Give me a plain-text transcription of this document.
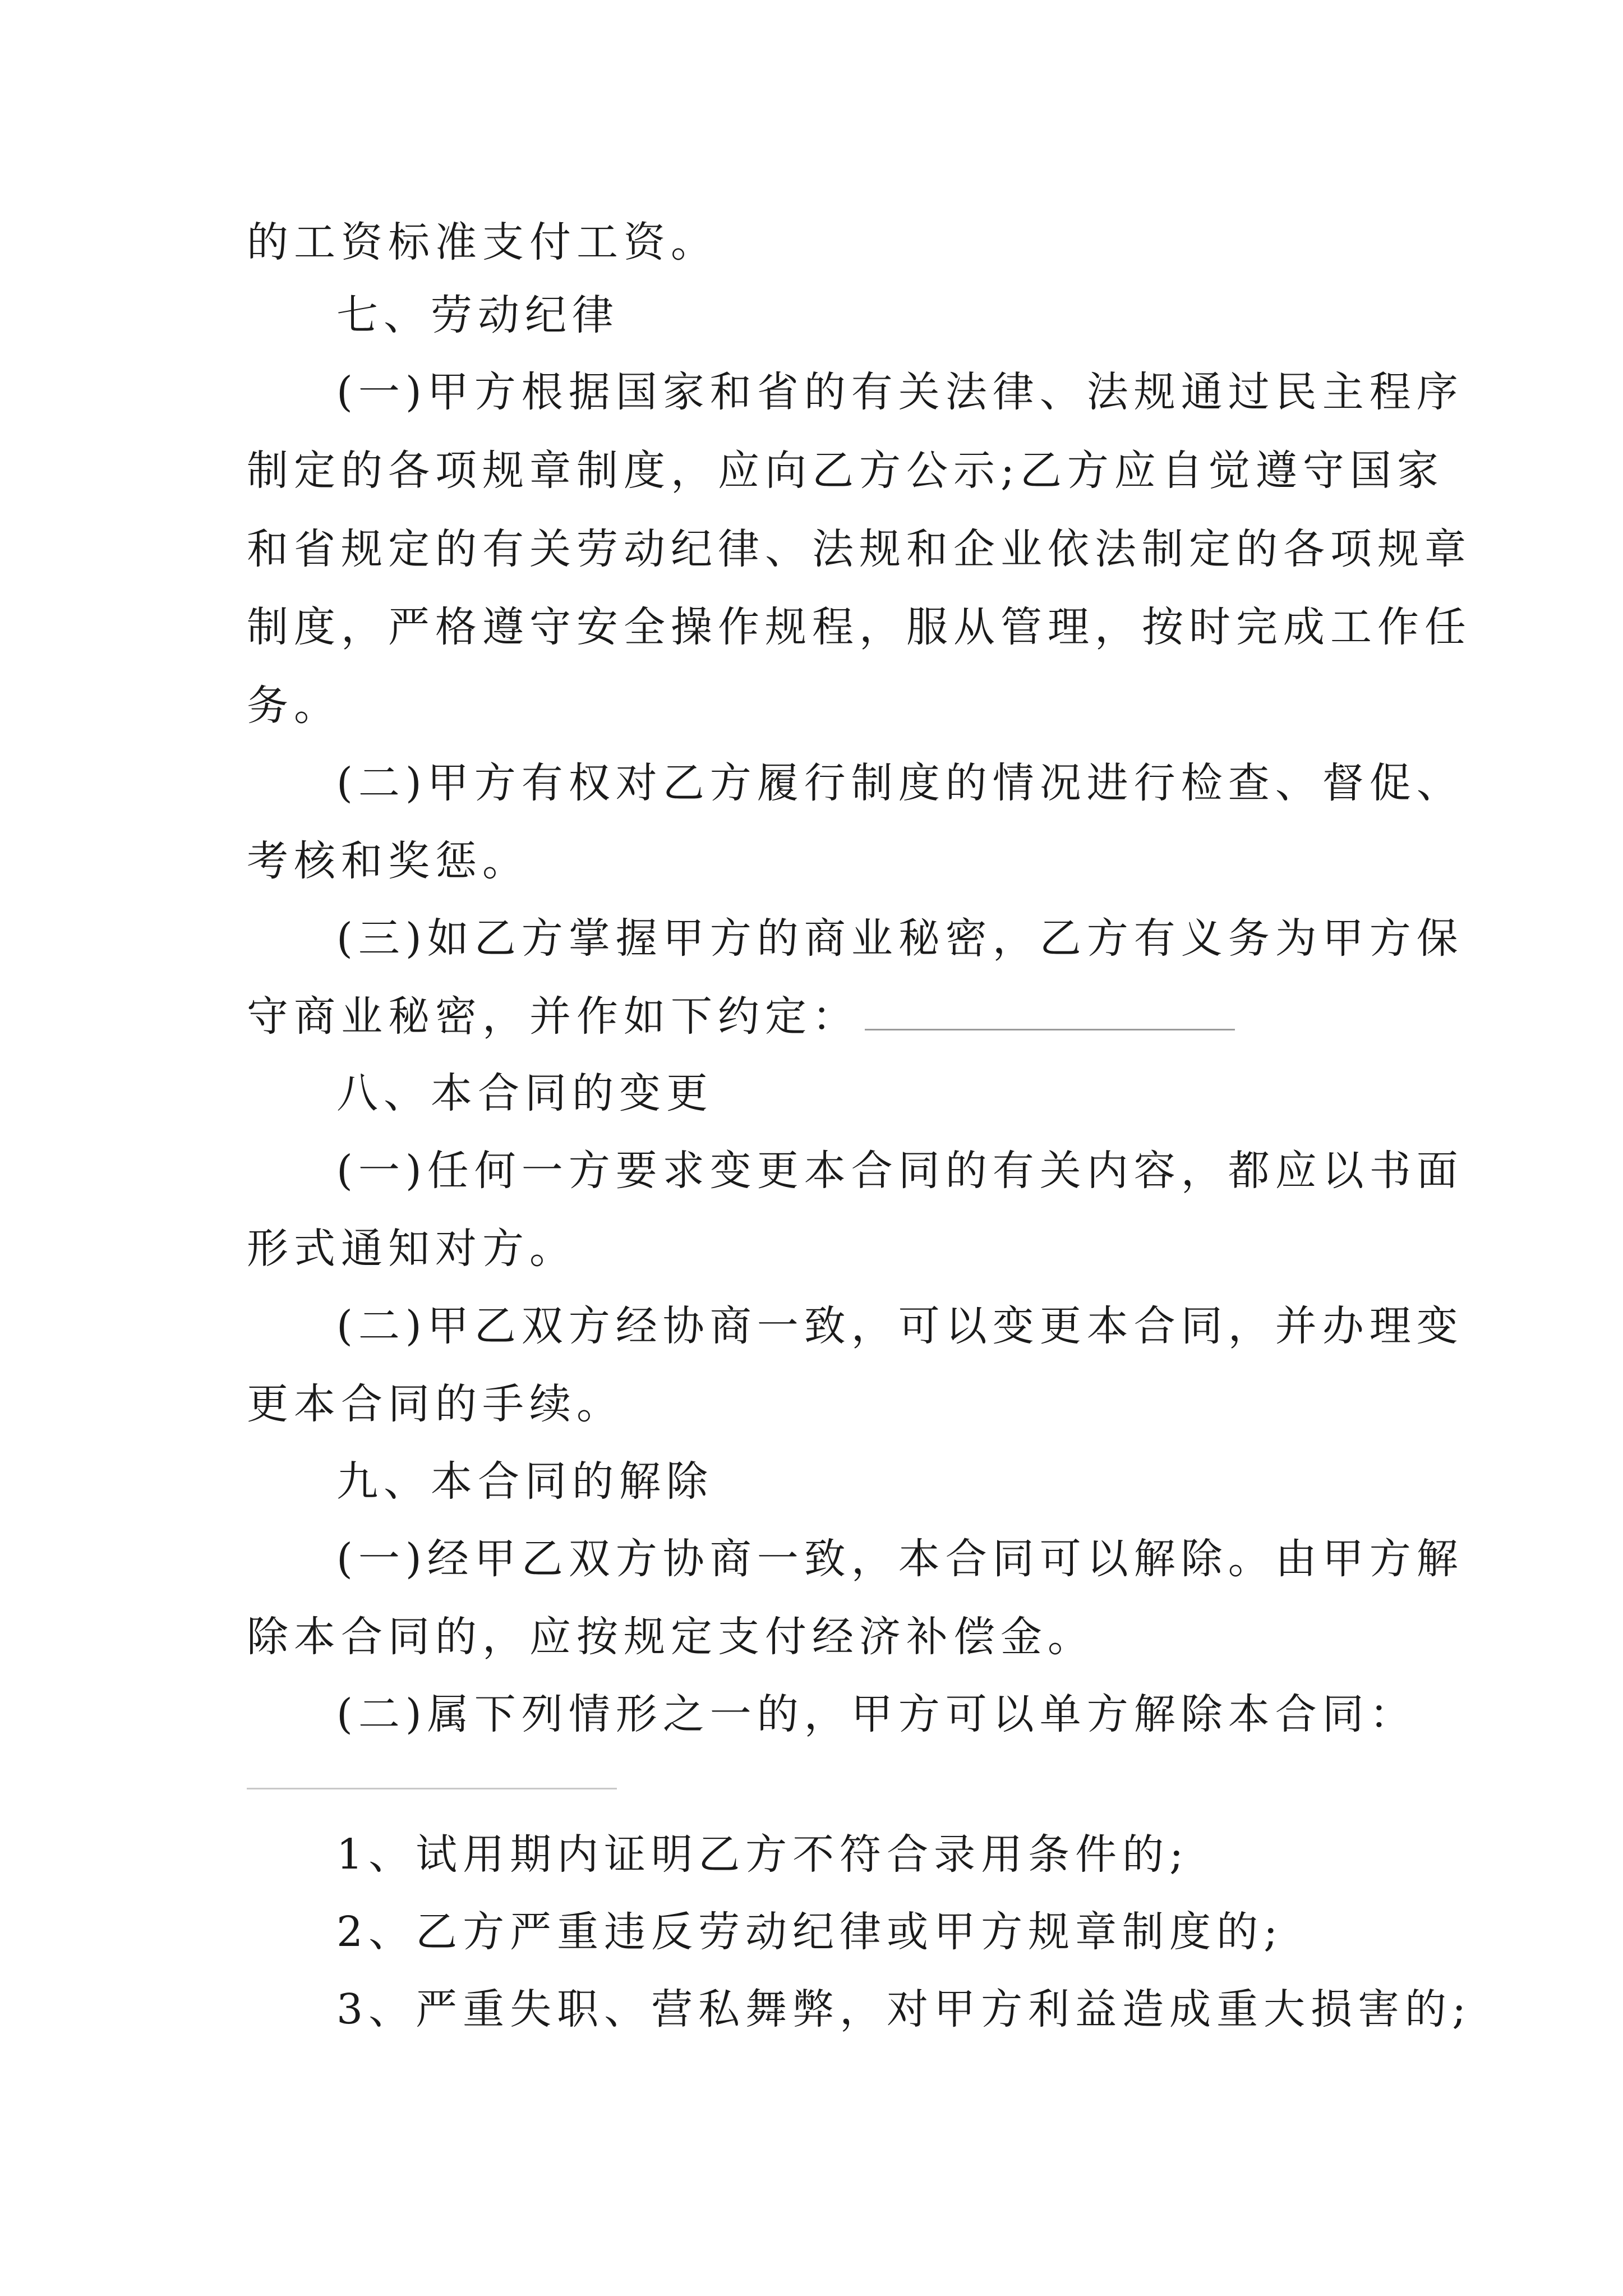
的工资标准支付工资。
七、劳动纪律
(一)甲方根据国家和省的有关法律、法规通过民主程序
制定的各项规章制度，应向乙方公示;乙方应自觉遵守国家
和省规定的有关劳动纪律、法规和企业依法制定的各项规章
制度，严格遵守安全操作规程，服从管理，按时完成工作任
务。
(二)甲方有权对乙方履行制度的情况进行检查、督促、
考核和奖惩。
(三)如乙方掌握甲方的商业秘密，乙方有义务为甲方保
守商业秘密，并作如下约定：
八、本合同的变更
(一)任何一方要求变更本合同的有关内容，都应以书面
形式通知对方。
(二)甲乙双方经协商一致，可以变更本合同，并办理变
更本合同的手续。
九、本合同的解除
(一)经甲乙双方协商一致，本合同可以解除。由甲方解
除本合同的，应按规定支付经济补偿金。
(二)属下列情形之一的，甲方可以单方解除本合同：
1、试用期内证明乙方不符合录用条件的;
2、乙方严重违反劳动纪律或甲方规章制度的;
3、严重失职、营私舞弊，对甲方利益造成重大损害的;
